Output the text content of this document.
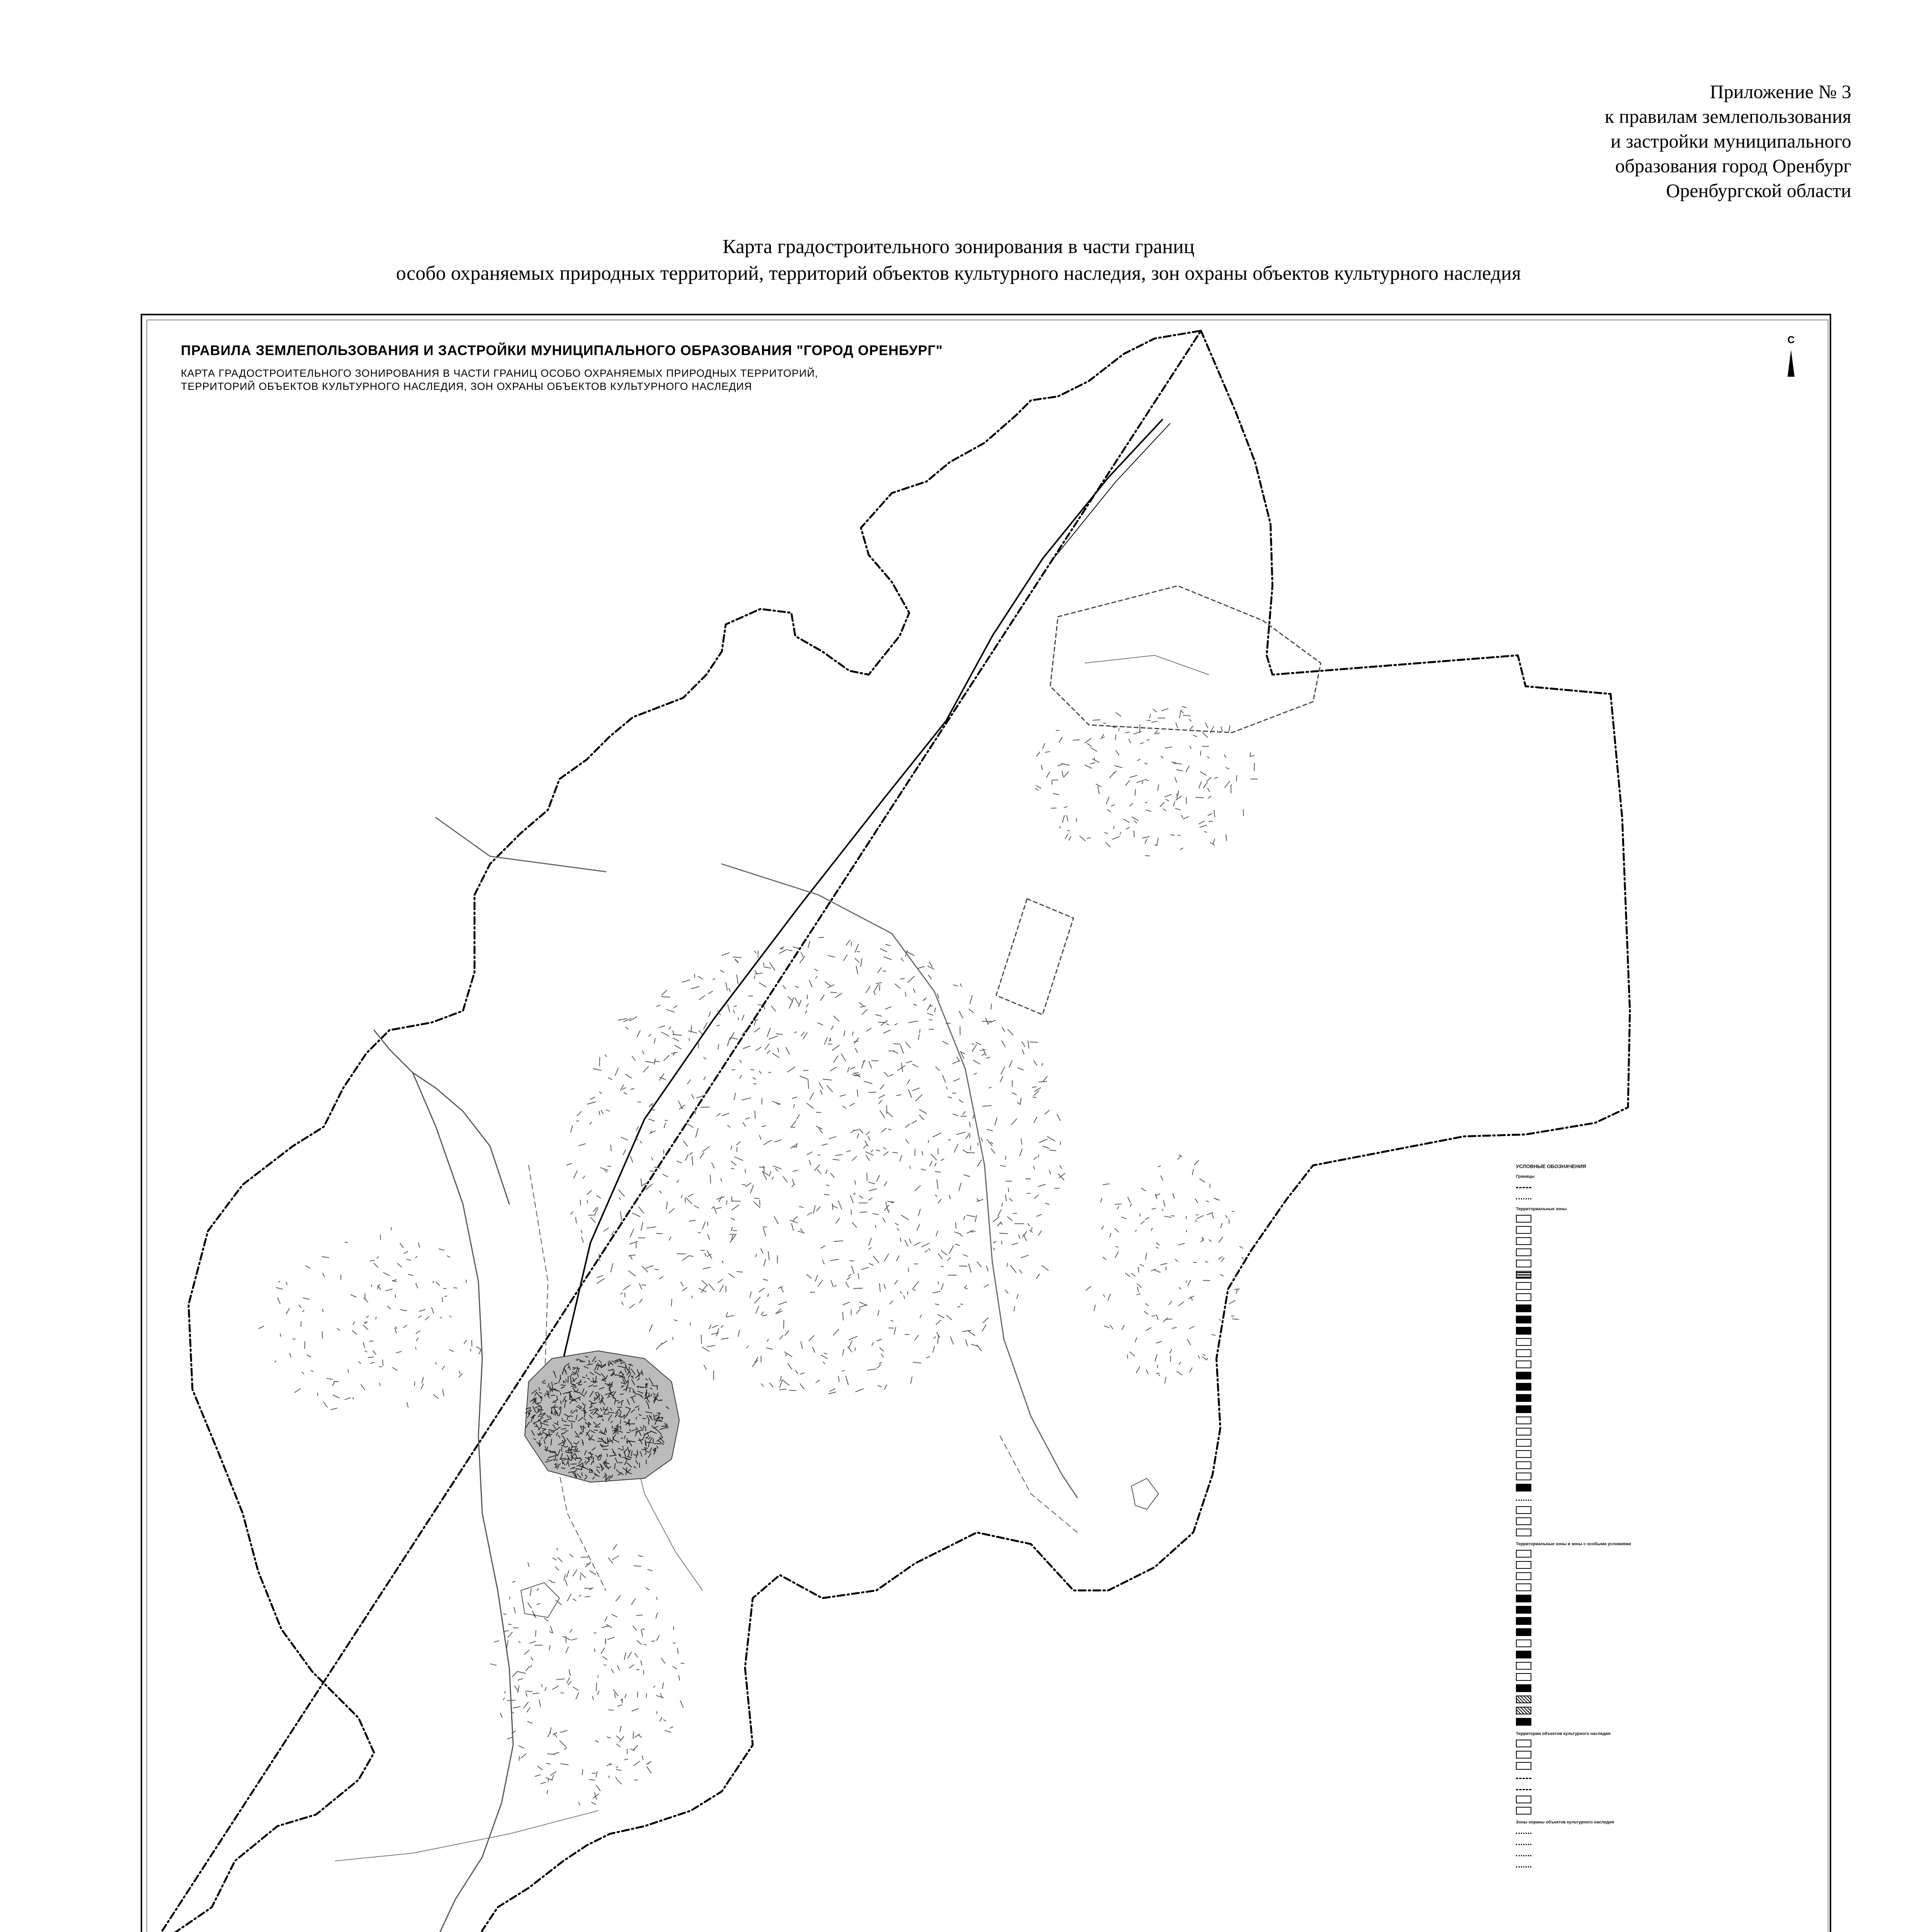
Приложение № 3
к правилам землепользования
и застройки муниципального
образования город Оренбург
Оренбургской области
Карта градостроительного зонирования в части границ
особо охраняемых природных территорий, территорий объектов культурного наследия, зон охраны объектов культурного наследия
ПРАВИЛА ЗЕМЛЕПОЛЬЗОВАНИЯ И ЗАСТРОЙКИ МУНИЦИПАЛЬНОГО ОБРАЗОВАНИЯ "ГОРОД ОРЕНБУРГ"
КАРТА ГРАДОСТРОИТЕЛЬНОГО ЗОНИРОВАНИЯ В ЧАСТИ ГРАНИЦ ОСОБО ОХРАНЯЕМЫХ ПРИРОДНЫХ ТЕРРИТОРИЙ,
ТЕРРИТОРИЙ ОБЪЕКТОВ КУЛЬТУРНОГО НАСЛЕДИЯ, ЗОН ОХРАНЫ ОБЪЕКТОВ КУЛЬТУРНОГО НАСЛЕДИЯ
С
УСЛОВНЫЕ ОБОЗНАЧЕНИЯ
Границы
Территориальные зоны
Территориальные зоны и зоны с особыми условиями
Территории объектов культурного наследия
Зоны охраны объектов культурного наследия
